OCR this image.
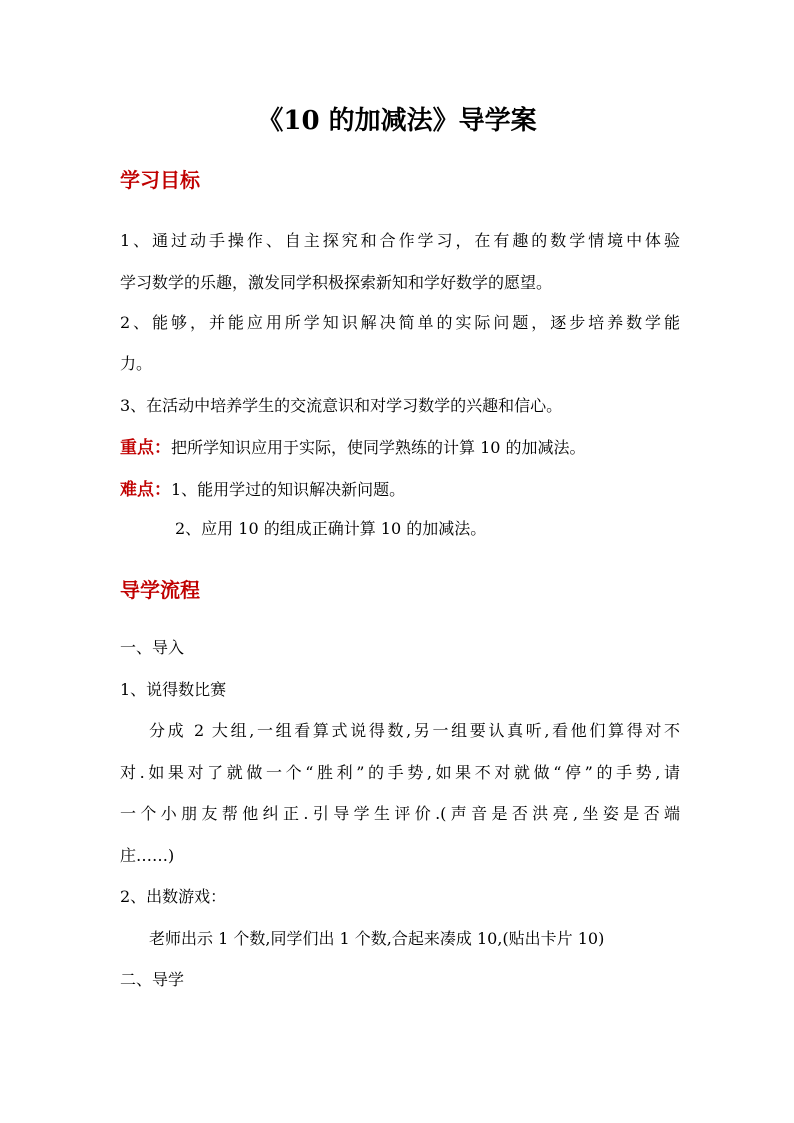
《10 的加减法》导学案
学习目标
1、通过动手操作、自主探究和合作学习，在有趣的数学情境中体验
学习数学的乐趣，激发同学积极探索新知和学好数学的愿望。
2、能够，并能应用所学知识解决简单的实际问题，逐步培养数学能
力。
3、在活动中培养学生的交流意识和对学习数学的兴趣和信心。
重点：把所学知识应用于实际，使同学熟练的计算 10 的加减法。
难点：1、能用学过的知识解决新问题。
2、应用 10 的组成正确计算 10 的加减法。
导学流程
一、导入
1、说得数比赛
分成 2 大组,一组看算式说得数,另一组要认真听,看他们算得对不
对.如果对了就做一个“胜利”的手势,如果不对就做“停”的手势,请
一个小朋友帮他纠正.引导学生评价.(声音是否洪亮,坐姿是否端
庄……)
2、出数游戏：
老师出示 1 个数,同学们出 1 个数,合起来凑成 10,(贴出卡片 10)
二、导学
